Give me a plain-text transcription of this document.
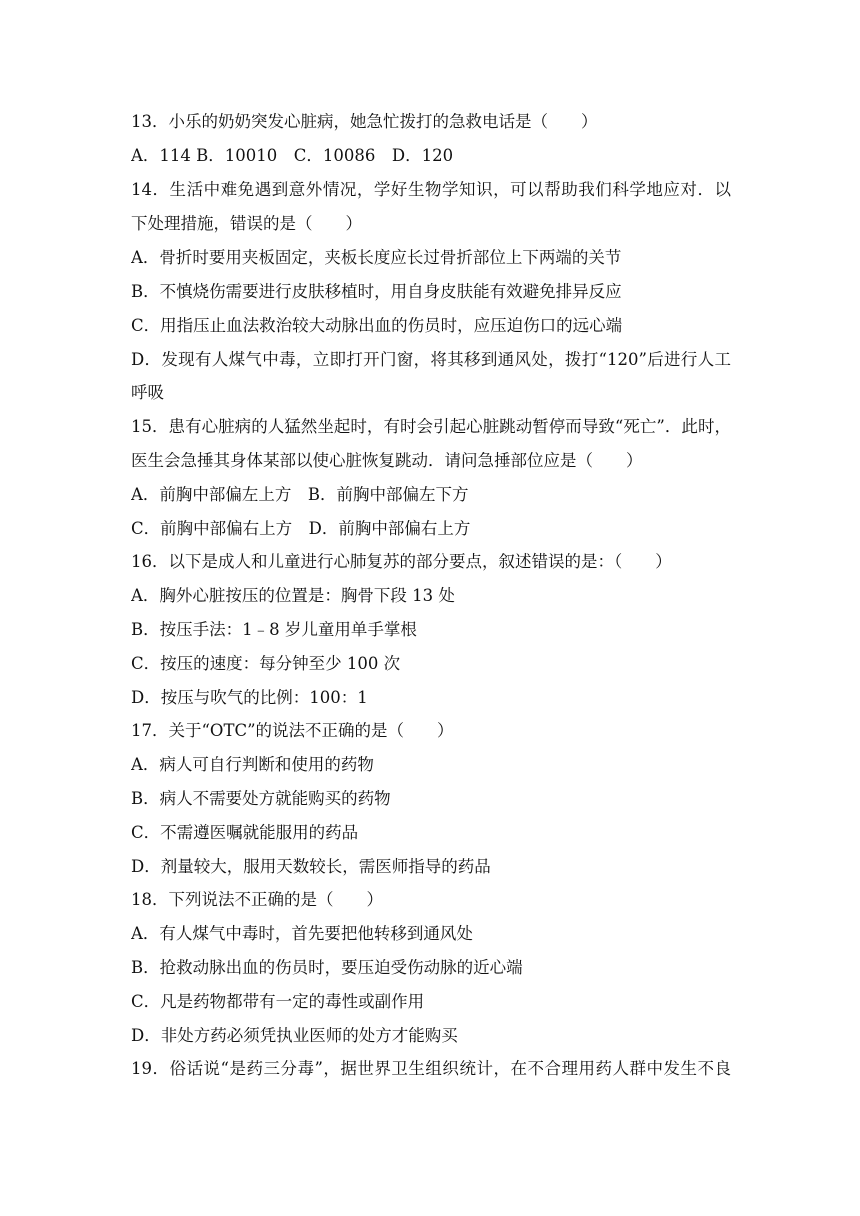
13．小乐的奶奶突发心脏病，她急忙拨打的急救电话是（　　）
A．114 B．10010　C．10086　D．120
14．生活中难免遇到意外情况，学好生物学知识，可以帮助我们科学地应对．以
下处理措施，错误的是（　　）
A．骨折时要用夹板固定，夹板长度应长过骨折部位上下两端的关节
B．不慎烧伤需要进行皮肤移植时，用自身皮肤能有效避免排异反应
C．用指压止血法救治较大动脉出血的伤员时，应压迫伤口的远心端
D．发现有人煤气中毒，立即打开门窗，将其移到通风处，拨打“120”后进行人工
呼吸
15．患有心脏病的人猛然坐起时，有时会引起心脏跳动暂停而导致“死亡”．此时，
医生会急捶其身体某部以使心脏恢复跳动．请问急捶部位应是（　　）
A．前胸中部偏左上方　B．前胸中部偏左下方
C．前胸中部偏右上方　D．前胸中部偏右上方
16．以下是成人和儿童进行心肺复苏的部分要点，叙述错误的是：（　　）
A．胸外心脏按压的位置是：胸骨下段 13 处
B．按压手法：1﹣8 岁儿童用单手掌根
C．按压的速度：每分钟至少 100 次
D．按压与吹气的比例：100：1
17．关于“OTC”的说法不正确的是（　　）
A．病人可自行判断和使用的药物
B．病人不需要处方就能购买的药物
C．不需遵医嘱就能服用的药品
D．剂量较大，服用天数较长，需医师指导的药品
18．下列说法不正确的是（　　）
A．有人煤气中毒时，首先要把他转移到通风处
B．抢救动脉出血的伤员时，要压迫受伤动脉的近心端
C．凡是药物都带有一定的毒性或副作用
D．非处方药必须凭执业医师的处方才能购买
19．俗话说“是药三分毒”，据世界卫生组织统计，在不合理用药人群中发生不良
